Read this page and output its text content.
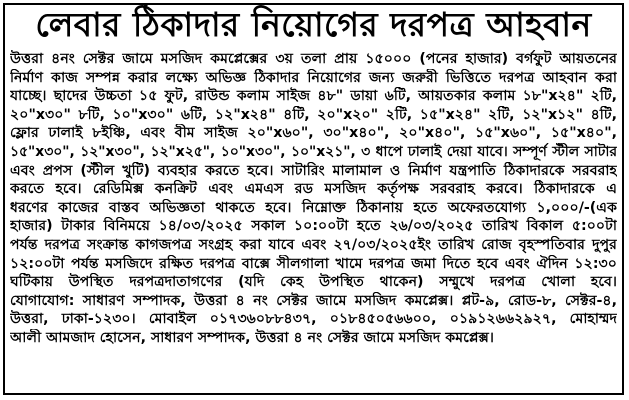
লেবার ঠিকাদার নিয়োগের দরপত্র আহবান
উত্তরা ৪নং সেক্টর জামে মসজিদ কমপ্লেক্সের ৩য় তলা প্রায় ১৫০০০ (পনের হাজার) বর্গফুট আয়তনের
নির্মাণ কাজ সম্পন্ন করার লক্ষ্যে অভিজ্ঞ ঠিকাদার নিয়োগের জন্য জরুরী ভিত্তিতে দরপত্র আহবান করা
যাচ্ছে। ছাদের উচ্চতা ১৫ ফুট, রাউন্ড কলাম সাইজ ৪৮" ডায়া ৬টি, আয়তকার কলাম ১৮"x২৪" ২টি,
২০"x৩০" ৮টি, ১০"x৩০" ৬টি, ১২"x২৪" ৪টি, ২০"x২০" ২টি, ১৫"x২৪" ২টি, ১২"x১২" ৪টি,
ফ্লোর ঢালাই ৮ইঞ্চি, এবং বীম সাইজ ২০"x৬০", ৩০"x৪০", ২০"x৪০", ১৫"x৬০", ১৫"x৪০",
১৫"x৩০", ১২"x৩০", ১২"x২৫", ১০"x৩০", ১০"x২১", ৩ ধাপে ঢালাই দেয়া যাবে। সম্পূর্ণ স্টীল সাটার
এবং প্রপস (স্টীল খুটি) ব্যবহার করতে হবে। সাটারিং মালামাল ও নির্মাণ যন্ত্রপাতি ঠিকাদারকে সরবরাহ
করতে হবে। রেডিমিক্স কনক্রিট এবং এমএস রড মসজিদ কর্তৃপক্ষ সরবরাহ করবে। ঠিকাদারকে এ
ধরণের কাজের বাস্তব অভিজ্ঞতা থাকতে হবে। নিম্নোক্ত ঠিকানায় হতে অফেরতযোগ্য ১,০০০/-(এক
হাজার) টাকার বিনিময়ে ১৪/০৩/২০২৫ সকাল ১০:০০টা হতে ২৬/০৩/২০২৫ তারিখ বিকাল ৫:০০টা
পর্যন্ত দরপত্র সংক্রান্ত কাগজপত্র সংগ্রহ করা যাবে এবং ২৭/০৩/২০২৫ইং তারিখ রোজ বৃহস্পতিবার দুপুর
১২:০০টা পর্যন্ত মসজিদে রক্ষিত দরপত্র বাক্সে সীলগালা খামে দরপত্র জমা দিতে হবে এবং ঐদিন ১২:৩০
ঘটিকায় উপস্থিত দরপত্রদাতাগণের (যদি কেহ উপস্থিত থাকেন) সম্মুখে দরপত্র খোলা হবে।
যোগাযোগ: সাধারণ সম্পাদক, উত্তরা ৪ নং সেক্টর জামে মসজিদ কমপ্লেক্স। প্লট-৯, রোড-৮, সেক্টর-৪,
উত্তরা, ঢাকা-১২৩০। মোবাইল ০১৭৩৬০৮৮৪৩৭, ০১৮৪৫০৫৬৬০০, ০১৯১২৬৬২৯২৭, মোহাম্মদ
আলী আমজাদ হোসেন, সাধারণ সম্পাদক, উত্তরা ৪ নং সেক্টর জামে মসজিদ কমপ্লেক্স।
